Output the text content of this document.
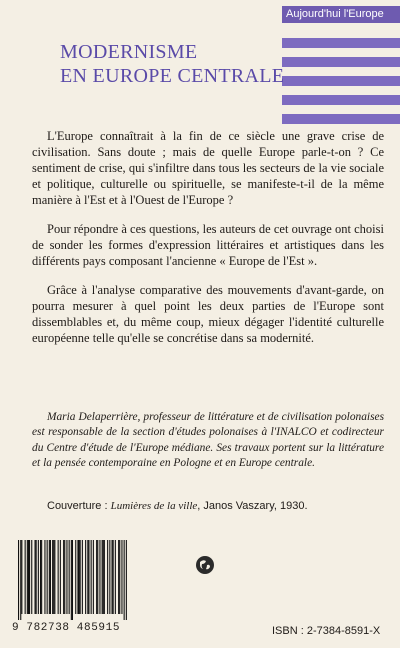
Aujourd'hui l'Europe
MODERNISME
EN EUROPE CENTRALE

L'Europe connaîtrait à la fin de ce siècle une grave crise de civilisation. Sans doute ; mais de quelle Europe parle-t-on ? Ce sentiment de crise, qui s'infiltre dans tous les secteurs de la vie sociale et politique, culturelle ou spirituelle, se manifeste-t-il de la même manière à l'Est et à l'Ouest de l'Europe ?

Pour répondre à ces questions, les auteurs de cet ouvrage ont choisi de sonder les formes d'expression littéraires et artistiques dans les différents pays composant l'ancienne « Europe de l'Est ».

Grâce à l'analyse comparative des mouvements d'avant-garde, on pourra mesurer à quel point les deux parties de l'Europe sont dissemblables et, du même coup, mieux dégager l'identité culturelle européenne telle qu'elle se concrétise dans sa modernité.

Maria Delaperrière, professeur de littérature et de civilisation polonaises est responsable de la section d'études polonaises à l'INALCO et codirecteur du Centre d'étude de l'Europe médiane. Ses travaux portent sur la littérature et la pensée contemporaine en Pologne et en Europe centrale.

Couverture : Lumières de la ville, Janos Vaszary, 1930.
9 782738 485915	ISBN : 2-7384-8591-X
